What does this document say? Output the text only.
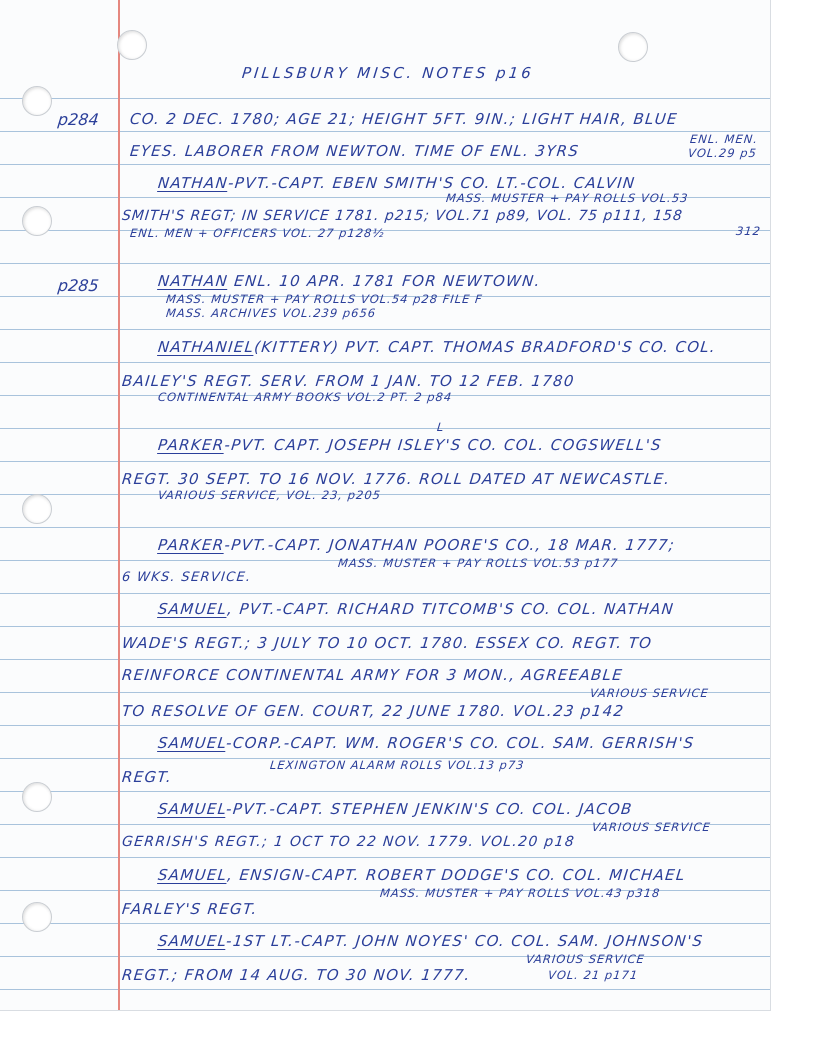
PILLSBURY MISC. NOTES p16
p284
p285
CO. 2 DEC. 1780; AGE 21; HEIGHT 5FT. 9IN.; LIGHT HAIR, BLUE
EYES. LABORER FROM NEWTON. TIME OF ENL. 3YRS
ENL. MEN.
VOL.29 p5
NATHAN-PVT.-CAPT. EBEN SMITH'S CO. LT.-COL. CALVIN
MASS. MUSTER + PAY ROLLS VOL.53
SMITH'S REGT; IN SERVICE 1781. p215; VOL.71 p89, VOL. 75 p111, 158
ENL. MEN + OFFICERS VOL. 27 p128½	312
NATHAN ENL. 10 APR. 1781 FOR NEWTOWN.
MASS. MUSTER + PAY ROLLS VOL.54 p28 FILE F
MASS. ARCHIVES VOL.239 p656
NATHANIEL(KITTERY) PVT. CAPT. THOMAS BRADFORD'S CO. COL.
BAILEY'S REGT. SERV. FROM 1 JAN. TO 12 FEB. 1780
CONTINENTAL ARMY BOOKS VOL.2 PT. 2 p84
L
PARKER-PVT. CAPT. JOSEPH ISLEY'S CO. COL. COGSWELL'S
REGT. 30 SEPT. TO 16 NOV. 1776. ROLL DATED AT NEWCASTLE.
VARIOUS SERVICE, VOL. 23, p205
PARKER-PVT.-CAPT. JONATHAN POORE'S CO., 18 MAR. 1777;
MASS. MUSTER + PAY ROLLS VOL.53 p177
6 WKS. SERVICE.
SAMUEL, PVT.-CAPT. RICHARD TITCOMB'S CO. COL. NATHAN
WADE'S REGT.; 3 JULY TO 10 OCT. 1780. ESSEX CO. REGT. TO
REINFORCE CONTINENTAL ARMY FOR 3 MON., AGREEABLE
VARIOUS SERVICE
TO RESOLVE OF GEN. COURT, 22 JUNE 1780. VOL.23 p142
SAMUEL-CORP.-CAPT. WM. ROGER'S CO. COL. SAM. GERRISH'S
REGT.
LEXINGTON ALARM ROLLS VOL.13 p73
SAMUEL-PVT.-CAPT. STEPHEN JENKIN'S CO. COL. JACOB
VARIOUS SERVICE
GERRISH'S REGT.; 1 OCT TO 22 NOV. 1779. VOL.20 p18
SAMUEL, ENSIGN-CAPT. ROBERT DODGE'S CO. COL. MICHAEL
MASS. MUSTER + PAY ROLLS VOL.43 p318
FARLEY'S REGT.
SAMUEL-1ST LT.-CAPT. JOHN NOYES' CO. COL. SAM. JOHNSON'S
VARIOUS SERVICE
REGT.; FROM 14 AUG. TO 30 NOV. 1777.	VOL. 21 p171
